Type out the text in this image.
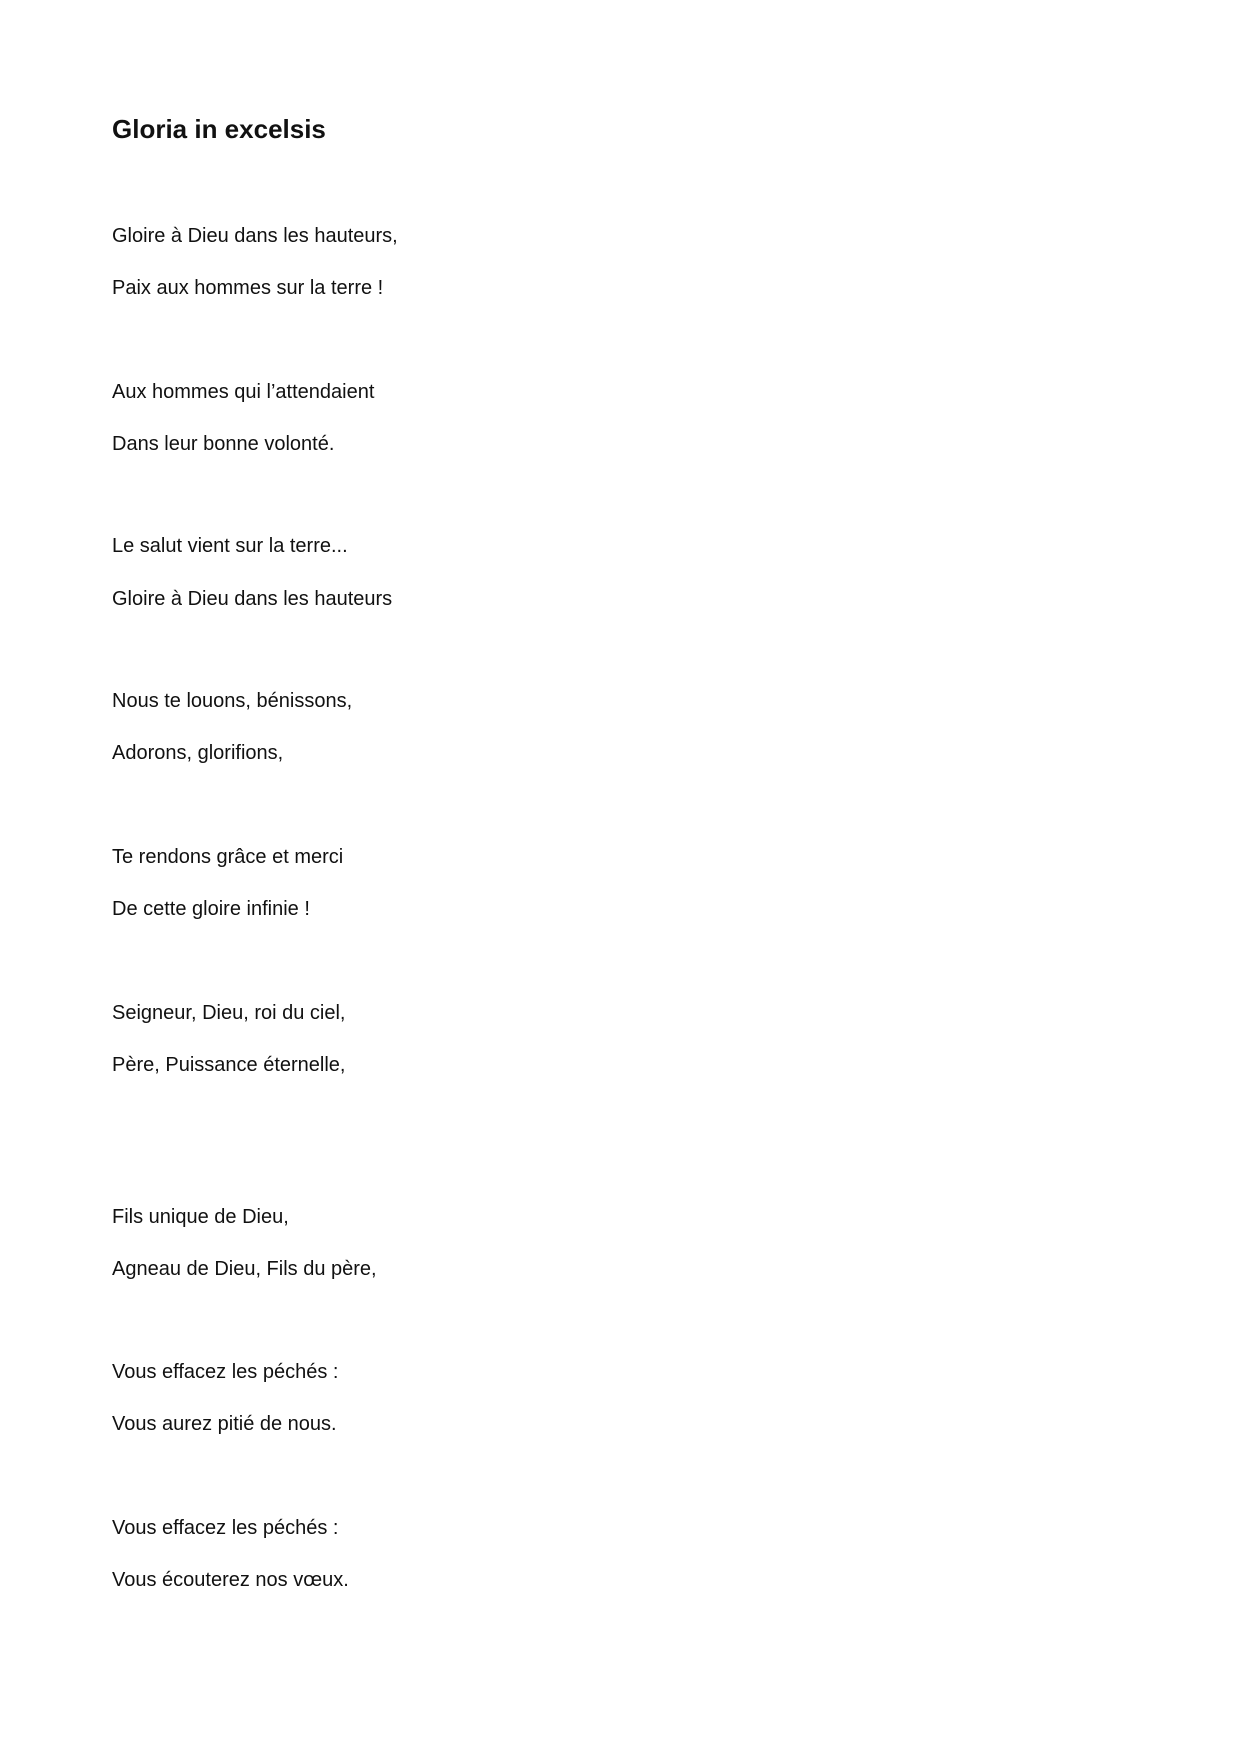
Gloria in excelsis

Gloire à Dieu dans les hauteurs,

Paix aux hommes sur la terre !

Aux hommes qui l’attendaient

Dans leur bonne volonté.

Le salut vient sur la terre...

Gloire à Dieu dans les hauteurs

Nous te louons, bénissons,

Adorons, glorifions,

Te rendons grâce et merci

De cette gloire infinie !

Seigneur, Dieu, roi du ciel,

Père, Puissance éternelle,

Fils unique de Dieu,

Agneau de Dieu, Fils du père,

Vous effacez les péchés :

Vous aurez pitié de nous.

Vous effacez les péchés :

Vous écouterez nos vœux.
